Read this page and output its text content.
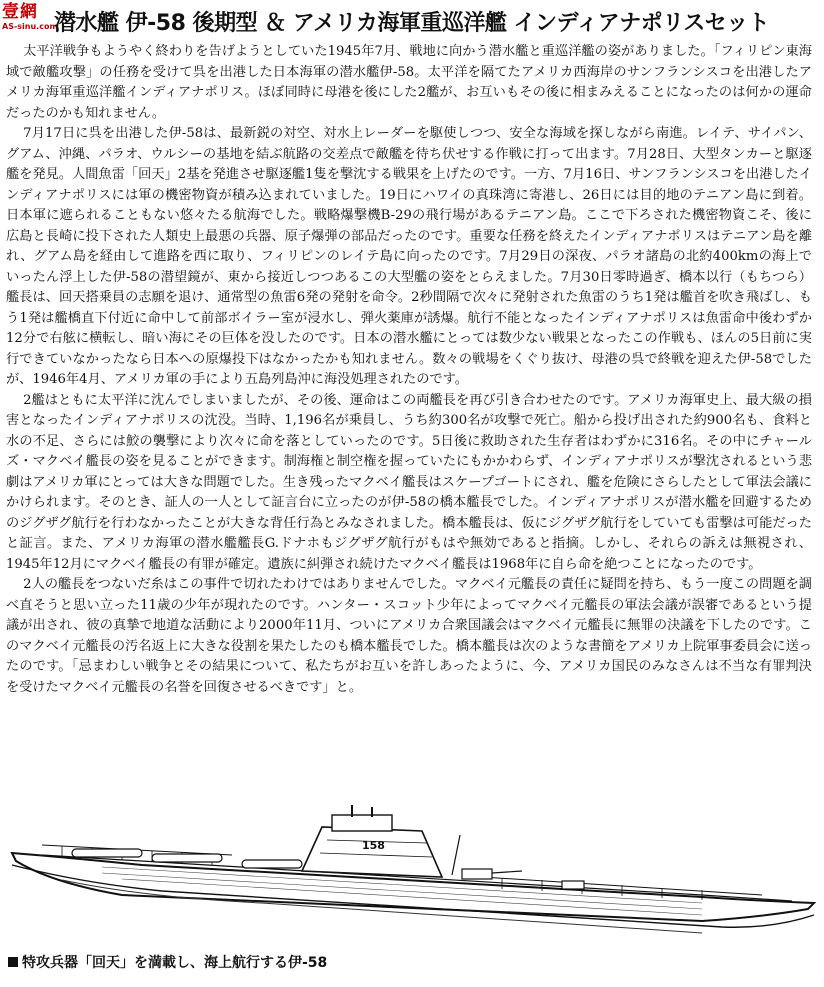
壹網
AS-sinu.com
潜水艦 伊-58 後期型 ＆ アメリカ海軍重巡洋艦 インディアナポリスセット

太平洋戦争もようやく終わりを告げようとしていた1945年7月、戦地に向かう潜水艦と重巡洋艦の姿がありました。「フィリピン東海域で敵艦攻撃」の任務を受けて呉を出港した日本海軍の潜水艦伊-58。太平洋を隔てたアメリカ西海岸のサンフランシスコを出港したアメリカ海軍重巡洋艦インディアナポリス。ほぼ同時に母港を後にした2艦が、お互いもその後に相まみえることになったのは何かの運命だったのかも知れません。

7月17日に呉を出港した伊-58は、最新鋭の対空、対水上レーダーを駆使しつつ、安全な海域を探しながら南進。レイテ、サイパン、グアム、沖縄、パラオ、ウルシーの基地を結ぶ航路の交差点で敵艦を待ち伏せする作戦に打って出ます。7月28日、大型タンカーと駆逐艦を発見。人間魚雷「回天」2基を発進させ駆逐艦1隻を撃沈する戦果を上げたのです。一方、7月16日、サンフランシスコを出港したインディアナポリスには軍の機密物資が積み込まれていました。19日にハワイの真珠湾に寄港し、26日には目的地のテニアン島に到着。日本軍に遮られることもない悠々たる航海でした。戦略爆撃機B-29の飛行場があるテニアン島。ここで下ろされた機密物資こそ、後に広島と長崎に投下された人類史上最悪の兵器、原子爆弾の部品だったのです。重要な任務を終えたインディアナポリスはテニアン島を離れ、グアム島を経由して進路を西に取り、フィリピンのレイテ島に向ったのです。7月29日の深夜、パラオ諸島の北約400kmの海上でいったん浮上した伊-58の潜望鏡が、東から接近しつつあるこの大型艦の姿をとらえました。7月30日零時過ぎ、橋本以行（もちつら）艦長は、回天搭乗員の志願を退け、通常型の魚雷6発の発射を命令。2秒間隔で次々に発射された魚雷のうち1発は艦首を吹き飛ばし、もう1発は艦橋直下付近に命中して前部ボイラー室が浸水し、弾火薬庫が誘爆。航行不能となったインディアナポリスは魚雷命中後わずか12分で右舷に横転し、暗い海にその巨体を没したのです。日本の潜水艦にとっては数少ない戦果となったこの作戦も、ほんの5日前に実行できていなかったなら日本への原爆投下はなかったかも知れません。数々の戦場をくぐり抜け、母港の呉で終戦を迎えた伊-58でしたが、1946年4月、アメリカ軍の手により五島列島沖に海没処理されたのです。

2艦はともに太平洋に沈んでしまいましたが、その後、運命はこの両艦長を再び引き合わせたのです。アメリカ海軍史上、最大級の損害となったインディアナポリスの沈没。当時、1,196名が乗員し、うち約300名が攻撃で死亡。船から投げ出された約900名も、食料と水の不足、さらには鮫の襲撃により次々に命を落としていったのです。5日後に救助された生存者はわずかに316名。その中にチャールズ・マクベイ艦長の姿を見ることができます。制海権と制空権を握っていたにもかかわらず、インディアナポリスが撃沈されるという悲劇はアメリカ軍にとっては大きな問題でした。生き残ったマクベイ艦長はスケープゴートにされ、艦を危険にさらしたとして軍法会議にかけられます。そのとき、証人の一人として証言台に立ったのが伊-58の橋本艦長でした。インディアナポリスが潜水艦を回避するためのジグザグ航行を行わなかったことが大きな背任行為とみなされました。橋本艦長は、仮にジグザグ航行をしていても雷撃は可能だったと証言。また、アメリカ海軍の潜水艦艦長G.ドナホもジグザグ航行がもはや無効であると指摘。しかし、それらの訴えは無視され、1945年12月にマクベイ艦長の有罪が確定。遺族に糾弾され続けたマクベイ艦長は1968年に自ら命を絶つことになったのです。

2人の艦長をつないだ糸はこの事件で切れたわけではありませんでした。マクベイ元艦長の責任に疑問を持ち、もう一度この問題を調べ直そうと思い立った11歳の少年が現れたのです。ハンター・スコット少年によってマクベイ元艦長の軍法会議が誤審であるという提議が出され、彼の真摯で地道な活動により2000年11月、ついにアメリカ合衆国議会はマクベイ元艦長に無罪の決議を下したのです。このマクベイ元艦長の汚名返上に大きな役割を果たしたのも橋本艦長でした。橋本艦長は次のような書簡をアメリカ上院軍事委員会に送ったのです。「忌まわしい戦争とその結果について、私たちがお互いを許しあったように、今、アメリカ国民のみなさんは不当な有罪判決を受けたマクベイ元艦長の名誉を回復させるべきです」と。

158
特攻兵器「回天」を満載し、海上航行する伊-58
